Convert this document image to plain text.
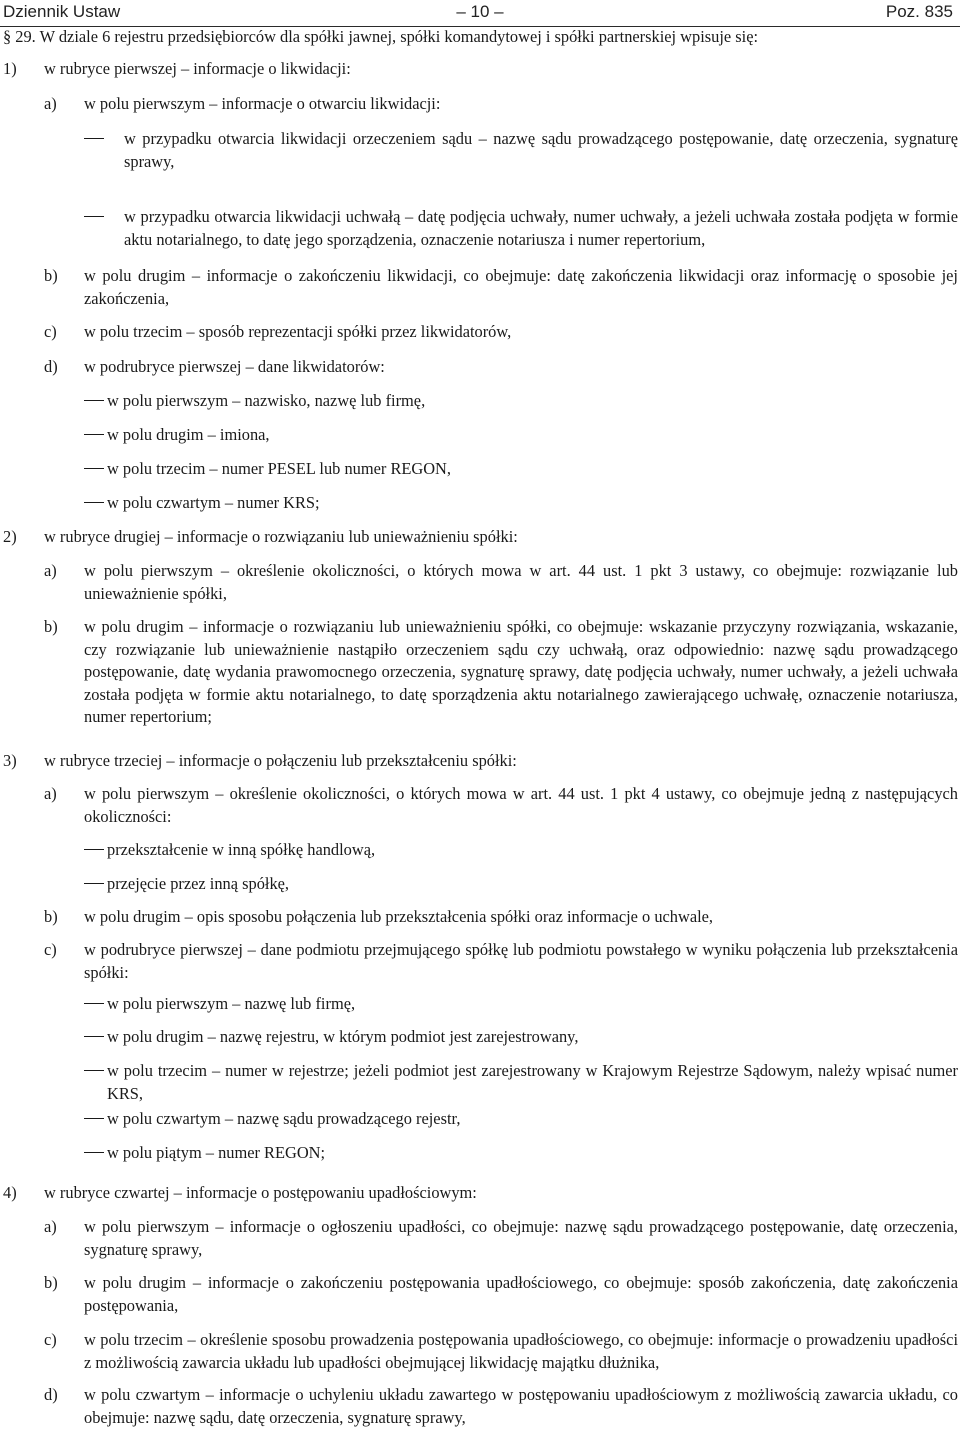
Dziennik Ustaw	– 10 –	Poz. 835
§ 29. W dziale 6 rejestru przedsiębiorców dla spółki jawnej, spółki komandytowej i spółki partnerskiej wpisuje się:
1) w rubryce pierwszej – informacje o likwidacji:
a) w polu pierwszym – informacje o otwarciu likwidacji:
w przypadku otwarcia likwidacji orzeczeniem sądu – nazwę sądu prowadzącego postępowanie, datę orzeczenia, sygnaturę sprawy,
w przypadku otwarcia likwidacji uchwałą – datę podjęcia uchwały, numer uchwały, a jeżeli uchwała została podjęta w formie aktu notarialnego, to datę jego sporządzenia, oznaczenie notariusza i numer repertorium,
b) w polu drugim – informacje o zakończeniu likwidacji, co obejmuje: datę zakończenia likwidacji oraz informację o sposobie jej zakończenia,
c) w polu trzecim – sposób reprezentacji spółki przez likwidatorów,
d) w podrubryce pierwszej – dane likwidatorów:
w polu pierwszym – nazwisko, nazwę lub firmę,
w polu drugim – imiona,
w polu trzecim – numer PESEL lub numer REGON,
w polu czwartym – numer KRS;
2) w rubryce drugiej – informacje o rozwiązaniu lub unieważnieniu spółki:
a) w polu pierwszym – określenie okoliczności, o których mowa w art. 44 ust. 1 pkt 3 ustawy, co obejmuje: rozwiązanie lub unieważnienie spółki,
b) w polu drugim – informacje o rozwiązaniu lub unieważnieniu spółki, co obejmuje: wskazanie przyczyny rozwiązania, wskazanie, czy rozwiązanie lub unieważnienie nastąpiło orzeczeniem sądu czy uchwałą, oraz odpowiednio: nazwę sądu prowadzącego postępowanie, datę wydania prawomocnego orzeczenia, sygnaturę sprawy, datę podjęcia uchwały, numer uchwały, a jeżeli uchwała została podjęta w formie aktu notarialnego, to datę sporządzenia aktu notarialnego zawierającego uchwałę, oznaczenie notariusza, numer repertorium;
3) w rubryce trzeciej – informacje o połączeniu lub przekształceniu spółki:
a) w polu pierwszym – określenie okoliczności, o których mowa w art. 44 ust. 1 pkt 4 ustawy, co obejmuje jedną z następujących okoliczności:
przekształcenie w inną spółkę handlową,
przejęcie przez inną spółkę,
b) w polu drugim – opis sposobu połączenia lub przekształcenia spółki oraz informacje o uchwale,
c) w podrubryce pierwszej – dane podmiotu przejmującego spółkę lub podmiotu powstałego w wyniku połączenia lub przekształcenia spółki:
w polu pierwszym – nazwę lub firmę,
w polu drugim – nazwę rejestru, w którym podmiot jest zarejestrowany,
w polu trzecim – numer w rejestrze; jeżeli podmiot jest zarejestrowany w Krajowym Rejestrze Sądowym, należy wpisać numer KRS,
w polu czwartym – nazwę sądu prowadzącego rejestr,
w polu piątym – numer REGON;
4) w rubryce czwartej – informacje o postępowaniu upadłościowym:
a) w polu pierwszym – informacje o ogłoszeniu upadłości, co obejmuje: nazwę sądu prowadzącego postępowanie, datę orzeczenia, sygnaturę sprawy,
b) w polu drugim – informacje o zakończeniu postępowania upadłościowego, co obejmuje: sposób zakończenia, datę zakończenia postępowania,
c) w polu trzecim – określenie sposobu prowadzenia postępowania upadłościowego, co obejmuje: informacje o prowadzeniu upadłości z możliwością zawarcia układu lub upadłości obejmującej likwidację majątku dłużnika,
d) w polu czwartym – informacje o uchyleniu układu zawartego w postępowaniu upadłościowym z możliwością zawarcia układu, co obejmuje: nazwę sądu, datę orzeczenia, sygnaturę sprawy,
